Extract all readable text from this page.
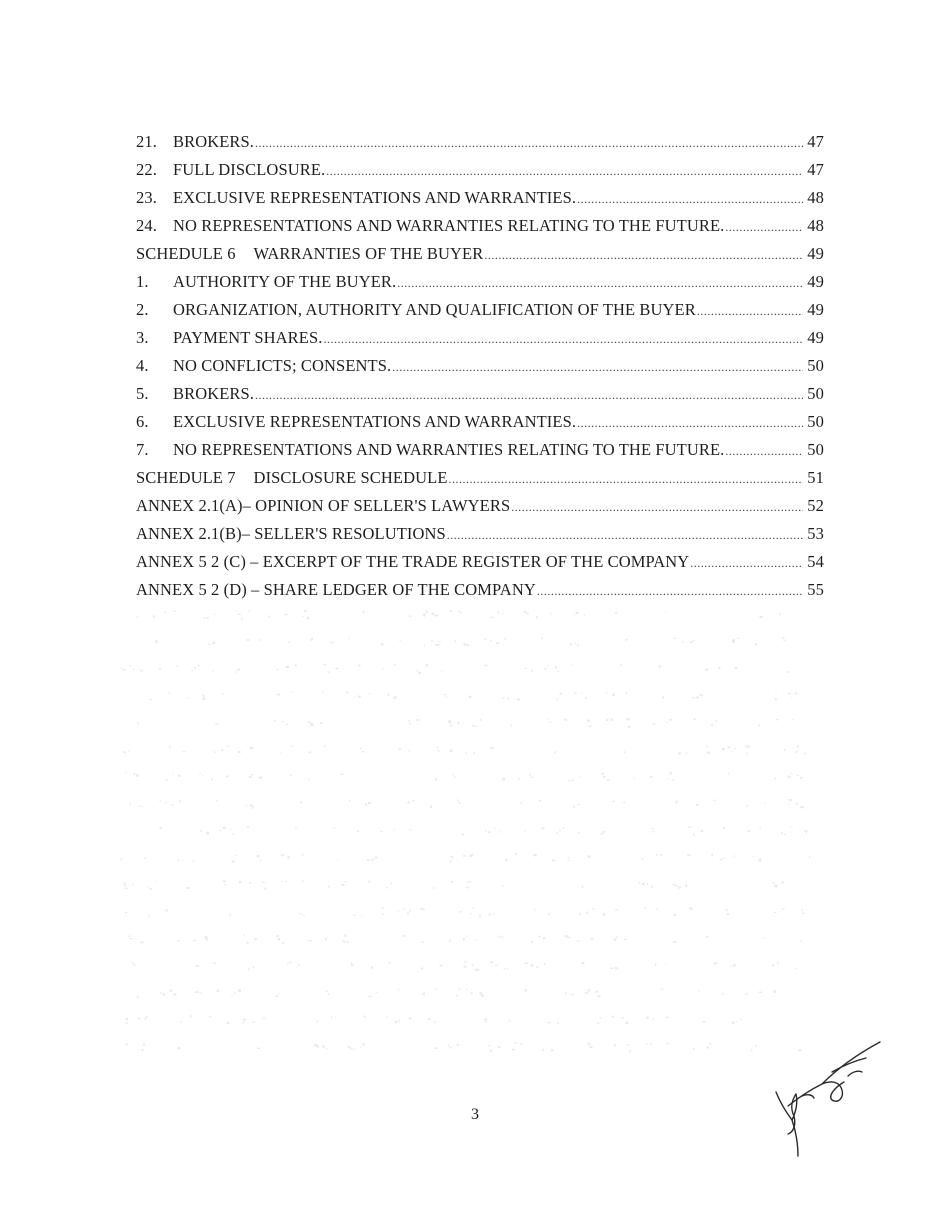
21. BROKERS. .....	47
22. FULL DISCLOSURE. .....	47
23. EXCLUSIVE REPRESENTATIONS AND WARRANTIES. .....	48
24. NO REPRESENTATIONS AND WARRANTIES RELATING TO THE FUTURE. .....	48
SCHEDULE 6 WARRANTIES OF THE BUYER .....	49
1.	AUTHORITY OF THE BUYER. .....	49
2.	ORGANIZATION, AUTHORITY AND QUALIFICATION OF THE BUYER .....	49
3.	PAYMENT SHARES. .....	49
4.	NO CONFLICTS; CONSENTS. .....	50
5.	BROKERS. .....	50
6.	EXCLUSIVE REPRESENTATIONS AND WARRANTIES. .....	50
7.	NO REPRESENTATIONS AND WARRANTIES RELATING TO THE FUTURE. .....	50
SCHEDULE 7 DISCLOSURE SCHEDULE .....	51
ANNEX 2.1(A)– OPINION OF SELLER'S LAWYERS .....	52
ANNEX 2.1(B)– SELLER'S RESOLUTIONS .....	53
ANNEX 5 2 (C) – EXCERPT OF THE TRADE REGISTER OF THE COMPANY .....	54
ANNEX 5 2 (D) – SHARE LEDGER OF THE COMPANY .....	55
3
